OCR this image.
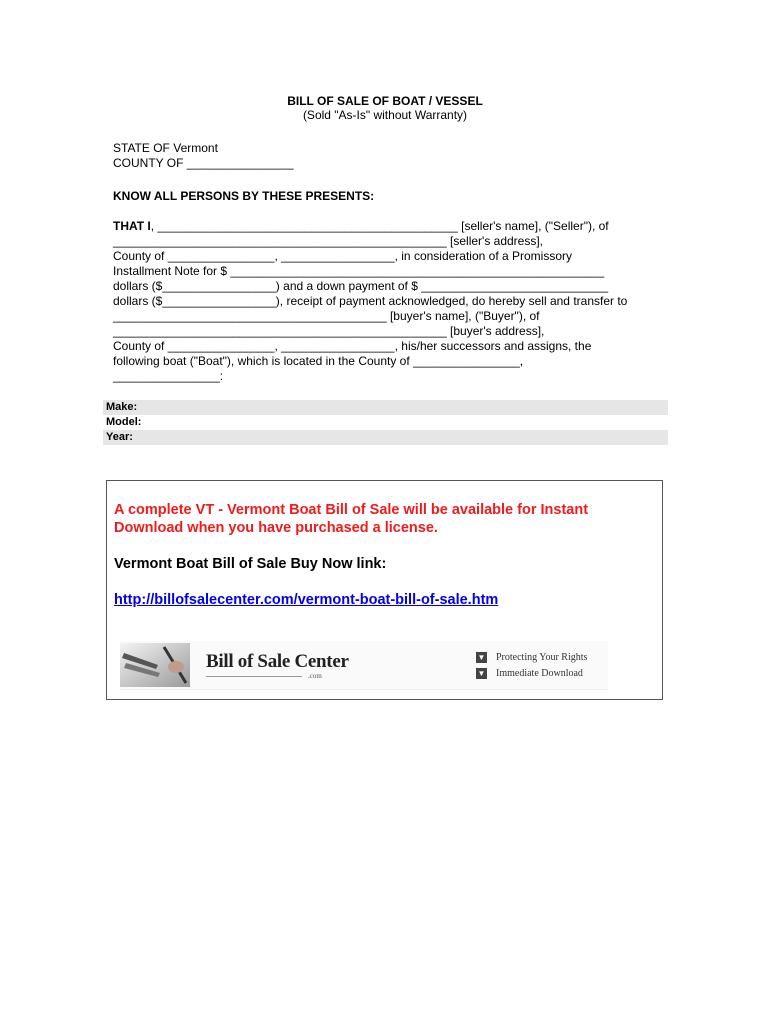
BILL OF SALE OF BOAT / VESSEL
(Sold "As-Is" without Warranty)
STATE OF Vermont
COUNTY OF ________________
KNOW ALL PERSONS BY THESE PRESENTS:
THAT I, _____________________________________________ [seller's name], ("Seller"), of
__________________________________________________ [seller's address],
County of ________________, _________________, in consideration of a Promissory
Installment Note for $ ________________________________________________________
dollars ($_________________) and a down payment of $ ____________________________
dollars ($_________________), receipt of payment acknowledged, do hereby sell and transfer to
_________________________________________ [buyer's name], ("Buyer"), of
__________________________________________________ [buyer's address],
County of ________________, _________________, his/her successors and assigns, the
following boat ("Boat"), which is located in the County of ________________,
________________:
Make:
Model:
Year:
A complete VT - Vermont Boat Bill of Sale will be available for Instant Download when you have purchased a license.
Vermont Boat Bill of Sale Buy Now link:
http://billofsalecenter.com/vermont-boat-bill-of-sale.htm
Bill of Sale Center
.com
▼ Protecting Your Rights
▼ Immediate Download
